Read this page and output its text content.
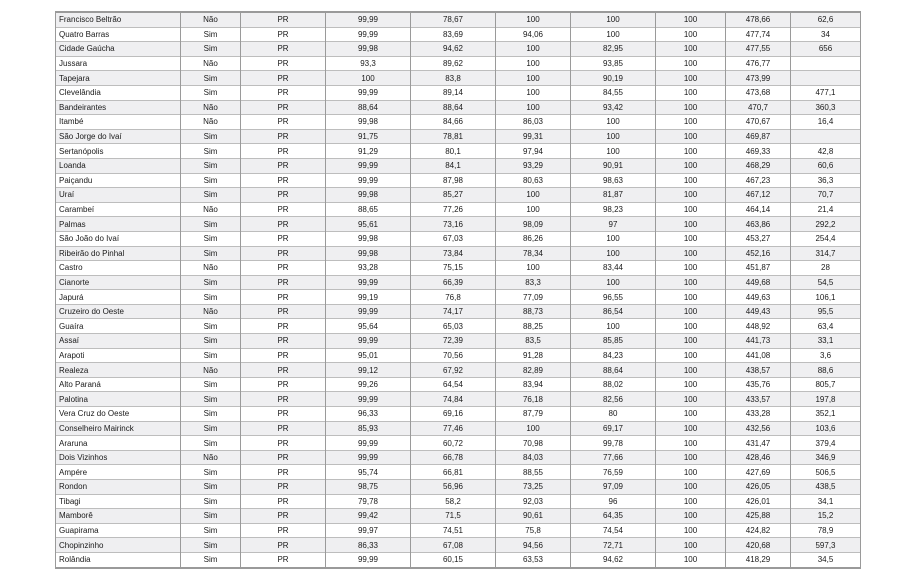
Francisco Beltrão	Não	PR	99,99	78,67	100	100	100	478,66	62,6
Quatro Barras	Sim	PR	99,99	83,69	94,06	100	100	477,74	34
Cidade Gaúcha	Sim	PR	99,98	94,62	100	82,95	100	477,55	656
Jussara	Não	PR	93,3	89,62	100	93,85	100	476,77	
Tapejara	Sim	PR	100	83,8	100	90,19	100	473,99	
Clevelândia	Sim	PR	99,99	89,14	100	84,55	100	473,68	477,1
Bandeirantes	Não	PR	88,64	88,64	100	93,42	100	470,7	360,3
Itambé	Não	PR	99,98	84,66	86,03	100	100	470,67	16,4
São Jorge do Ivaí	Sim	PR	91,75	78,81	99,31	100	100	469,87	
Sertanópolis	Sim	PR	91,29	80,1	97,94	100	100	469,33	42,8
Loanda	Sim	PR	99,99	84,1	93,29	90,91	100	468,29	60,6
Paiçandu	Sim	PR	99,99	87,98	80,63	98,63	100	467,23	36,3
Uraí	Sim	PR	99,98	85,27	100	81,87	100	467,12	70,7
Carambeí	Não	PR	88,65	77,26	100	98,23	100	464,14	21,4
Palmas	Sim	PR	95,61	73,16	98,09	97	100	463,86	292,2
São João do Ivaí	Sim	PR	99,98	67,03	86,26	100	100	453,27	254,4
Ribeirão do Pinhal	Sim	PR	99,98	73,84	78,34	100	100	452,16	314,7
Castro	Não	PR	93,28	75,15	100	83,44	100	451,87	28
Cianorte	Sim	PR	99,99	66,39	83,3	100	100	449,68	54,5
Japurá	Sim	PR	99,19	76,8	77,09	96,55	100	449,63	106,1
Cruzeiro do Oeste	Não	PR	99,99	74,17	88,73	86,54	100	449,43	95,5
Guaíra	Sim	PR	95,64	65,03	88,25	100	100	448,92	63,4
Assaí	Sim	PR	99,99	72,39	83,5	85,85	100	441,73	33,1
Arapoti	Sim	PR	95,01	70,56	91,28	84,23	100	441,08	3,6
Realeza	Não	PR	99,12	67,92	82,89	88,64	100	438,57	88,6
Alto Paraná	Sim	PR	99,26	64,54	83,94	88,02	100	435,76	805,7
Palotina	Sim	PR	99,99	74,84	76,18	82,56	100	433,57	197,8
Vera Cruz do Oeste	Sim	PR	96,33	69,16	87,79	80	100	433,28	352,1
Conselheiro Mairinck	Sim	PR	85,93	77,46	100	69,17	100	432,56	103,6
Araruna	Sim	PR	99,99	60,72	70,98	99,78	100	431,47	379,4
Dois Vizinhos	Não	PR	99,99	66,78	84,03	77,66	100	428,46	346,9
Ampére	Sim	PR	95,74	66,81	88,55	76,59	100	427,69	506,5
Rondon	Sim	PR	98,75	56,96	73,25	97,09	100	426,05	438,5
Tibagi	Sim	PR	79,78	58,2	92,03	96	100	426,01	34,1
Mamborê	Sim	PR	99,42	71,5	90,61	64,35	100	425,88	15,2
Guapirama	Sim	PR	99,97	74,51	75,8	74,54	100	424,82	78,9
Chopinzinho	Sim	PR	86,33	67,08	94,56	72,71	100	420,68	597,3
Rolândia	Sim	PR	99,99	60,15	63,53	94,62	100	418,29	34,5
